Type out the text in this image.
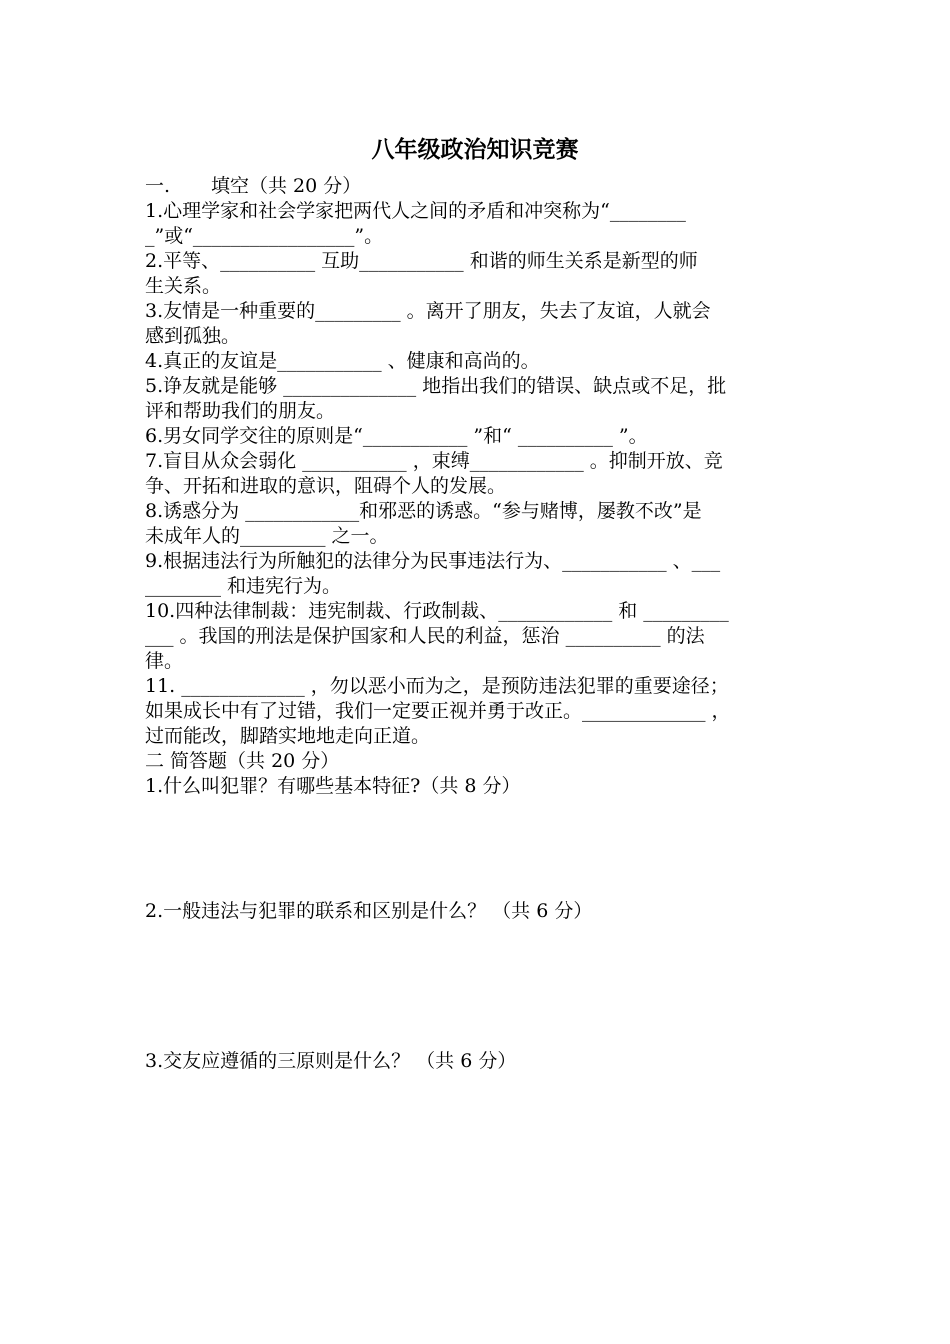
八年级政治知识竞赛

一. 填空（共 20 分）

1.心理学家和社会学家把两代人之间的矛盾和冲突称为“________

_”或“_________________”。

2.平等、__________ 互助___________ 和谐的师生关系是新型的师

生关系。

3.友情是一种重要的_________ 。离开了朋友，失去了友谊，人就会

感到孤独。

4.真正的友谊是___________ 、健康和高尚的。

5.诤友就是能够 ______________ 地指出我们的错误、缺点或不足，批

评和帮助我们的朋友。

6.男女同学交往的原则是“___________ ”和“ __________ ”。

7.盲目从众会弱化 ___________ ，束缚____________ 。抑制开放、竞

争、开拓和进取的意识，阻碍个人的发展。

8.诱惑分为 ____________和邪恶的诱惑。“参与赌博，屡教不改”是

未成年人的_________ 之一。

9.根据违法行为所触犯的法律分为民事违法行为、___________ 、___

________ 和违宪行为。

10.四种法律制裁：违宪制裁、行政制裁、____________ 和 _________

___ 。我国的刑法是保护国家和人民的利益，惩治 __________ 的法

律。

11. _____________ ，勿以恶小而为之，是预防违法犯罪的重要途径；

如果成长中有了过错，我们一定要正视并勇于改正。_____________ ，

过而能改，脚踏实地地走向正道。

二 简答题（共 20 分）

1.什么叫犯罪？有哪些基本特征?（共 8 分）

2.一般违法与犯罪的联系和区别是什么？ （共 6 分）

3.交友应遵循的三原则是什么？ （共 6 分）
